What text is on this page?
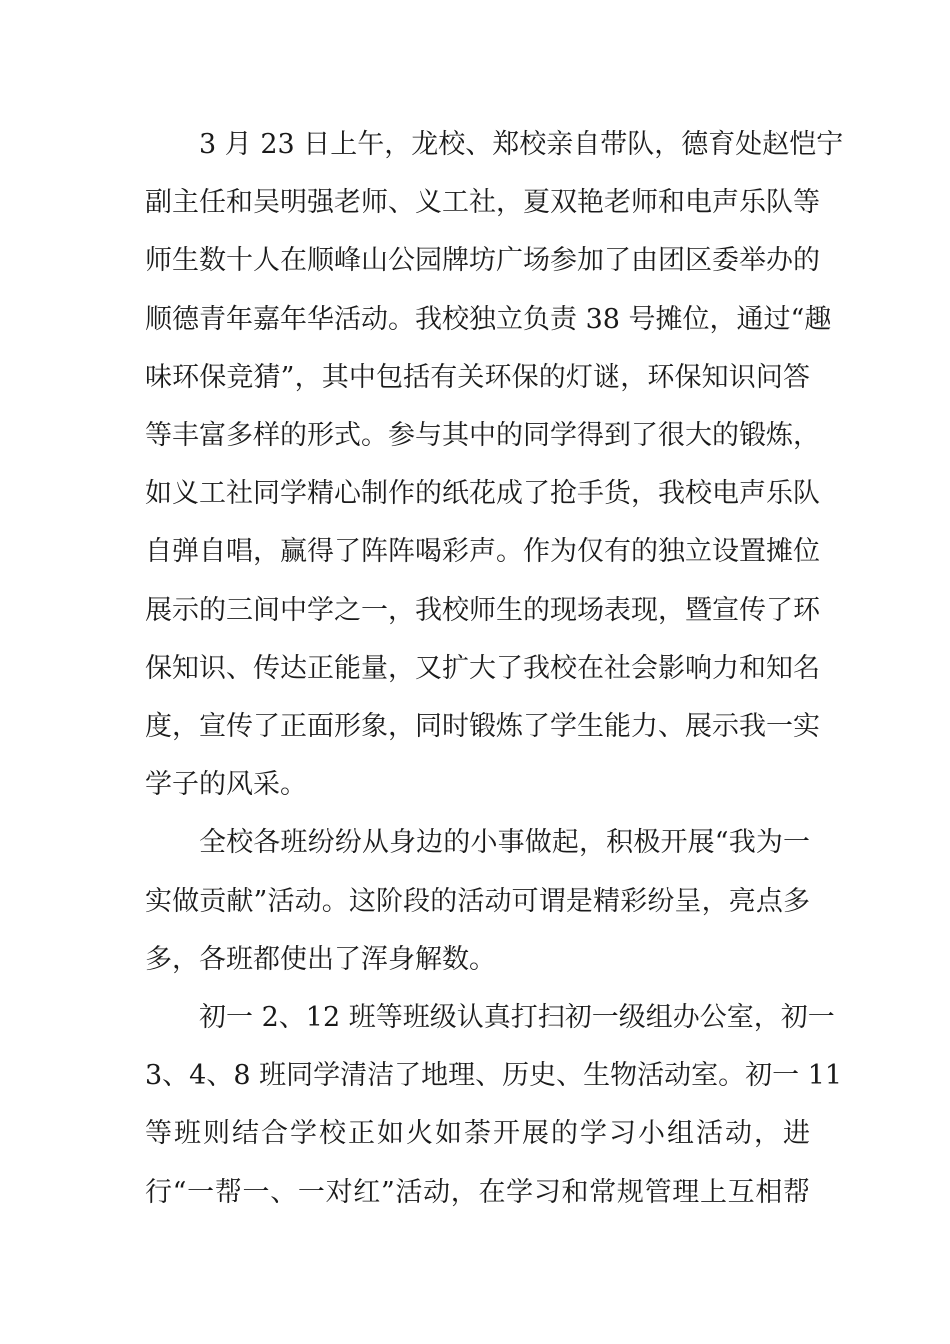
3 月 23 日上午，龙校、郑校亲自带队，德育处赵恺宁
副主任和吴明强老师、义工社，夏双艳老师和电声乐队等
师生数十人在顺峰山公园牌坊广场参加了由团区委举办的
顺德青年嘉年华活动。我校独立负责 38 号摊位，通过“趣
味环保竞猜”，其中包括有关环保的灯谜，环保知识问答
等丰富多样的形式。参与其中的同学得到了很大的锻炼，
如义工社同学精心制作的纸花成了抢手货，我校电声乐队
自弹自唱，赢得了阵阵喝彩声。作为仅有的独立设置摊位
展示的三间中学之一，我校师生的现场表现，暨宣传了环
保知识、传达正能量，又扩大了我校在社会影响力和知名
度，宣传了正面形象，同时锻炼了学生能力、展示我一实
学子的风采。

全校各班纷纷从身边的小事做起，积极开展“我为一
实做贡献”活动。这阶段的活动可谓是精彩纷呈，亮点多
多，各班都使出了浑身解数。

初一 2、12 班等班级认真打扫初一级组办公室，初一
3、4、8 班同学清洁了地理、历史、生物活动室。初一 11
等班则结合学校正如火如荼开展的学习小组活动，进
行“一帮一、一对红”活动，在学习和常规管理上互相帮
